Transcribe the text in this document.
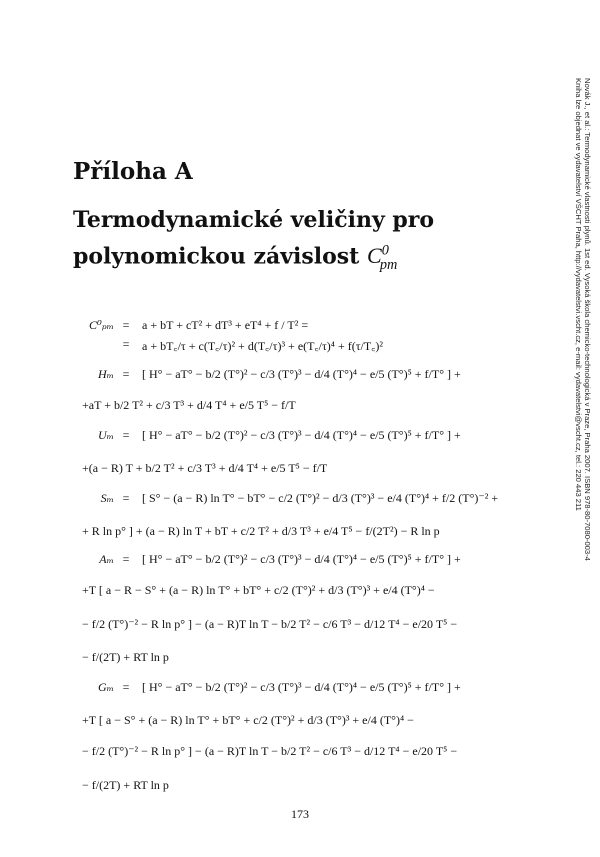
Novák J., et al.: Termodynamické vlastnosti plynů. 1st ed. Vysoká škola chemicko-technologická v Praze, Praha 2007. ISBN 978-80-7080-003-4
Kniha lze objednat ve vydavatelství VŠCHT Praha, http://vydavatelstvi.vscht.cz, e-mail: vydavatelstvi@vscht.cz, tel.: 220 443 211
Příloha A
Termodynamické veličiny pro polynomickou závislost $C^0_{pm}$
C⁰ₚₘ =	a + bT + cT² + dT³ + eT⁴ + f / T² =
=	a + bT꜀/τ + c(T꜀/τ)² + d(T꜀/τ)³ + e(T꜀/τ)⁴ + f(τ/T꜀)²
Hₘ =	[ H° − aT° − b/2 (T°)² − c/3 (T°)³ − d/4 (T°)⁴ − e/5 (T°)⁵ + f/T° ] +
+aT + b/2 T² + c/3 T³ + d/4 T⁴ + e/5 T⁵ − f/T
Uₘ =	[ H° − aT° − b/2 (T°)² − c/3 (T°)³ − d/4 (T°)⁴ − e/5 (T°)⁵ + f/T° ] +
+(a − R) T + b/2 T² + c/3 T³ + d/4 T⁴ + e/5 T⁵ − f/T
Sₘ =	[ S° − (a − R) ln T° − bT° − c/2 (T°)² − d/3 (T°)³ − e/4 (T°)⁴ + f/2 (T°)⁻² +
+ R ln p° ] + (a − R) ln T + bT + c/2 T² + d/3 T³ + e/4 T⁵ − f/(2T²) − R ln p
Aₘ =	[ H° − aT° − b/2 (T°)² − c/3 (T°)³ − d/4 (T°)⁴ − e/5 (T°)⁵ + f/T° ] +
+T [ a − R − S° + (a − R) ln T° + bT° + c/2 (T°)² + d/3 (T°)³ + e/4 (T°)⁴ −
− f/2 (T°)⁻² − R ln p° ] − (a − R)T ln T − b/2 T² − c/6 T³ − d/12 T⁴ − e/20 T⁵ −
− f/(2T) + RT ln p
Gₘ =	[ H° − aT° − b/2 (T°)² − c/3 (T°)³ − d/4 (T°)⁴ − e/5 (T°)⁵ + f/T° ] +
+T [ a − S° + (a − R) ln T° + bT° + c/2 (T°)² + d/3 (T°)³ + e/4 (T°)⁴ −
− f/2 (T°)⁻² − R ln p° ] − (a − R)T ln T − b/2 T² − c/6 T³ − d/12 T⁴ − e/20 T⁵ −
− f/(2T) + RT ln p
173
